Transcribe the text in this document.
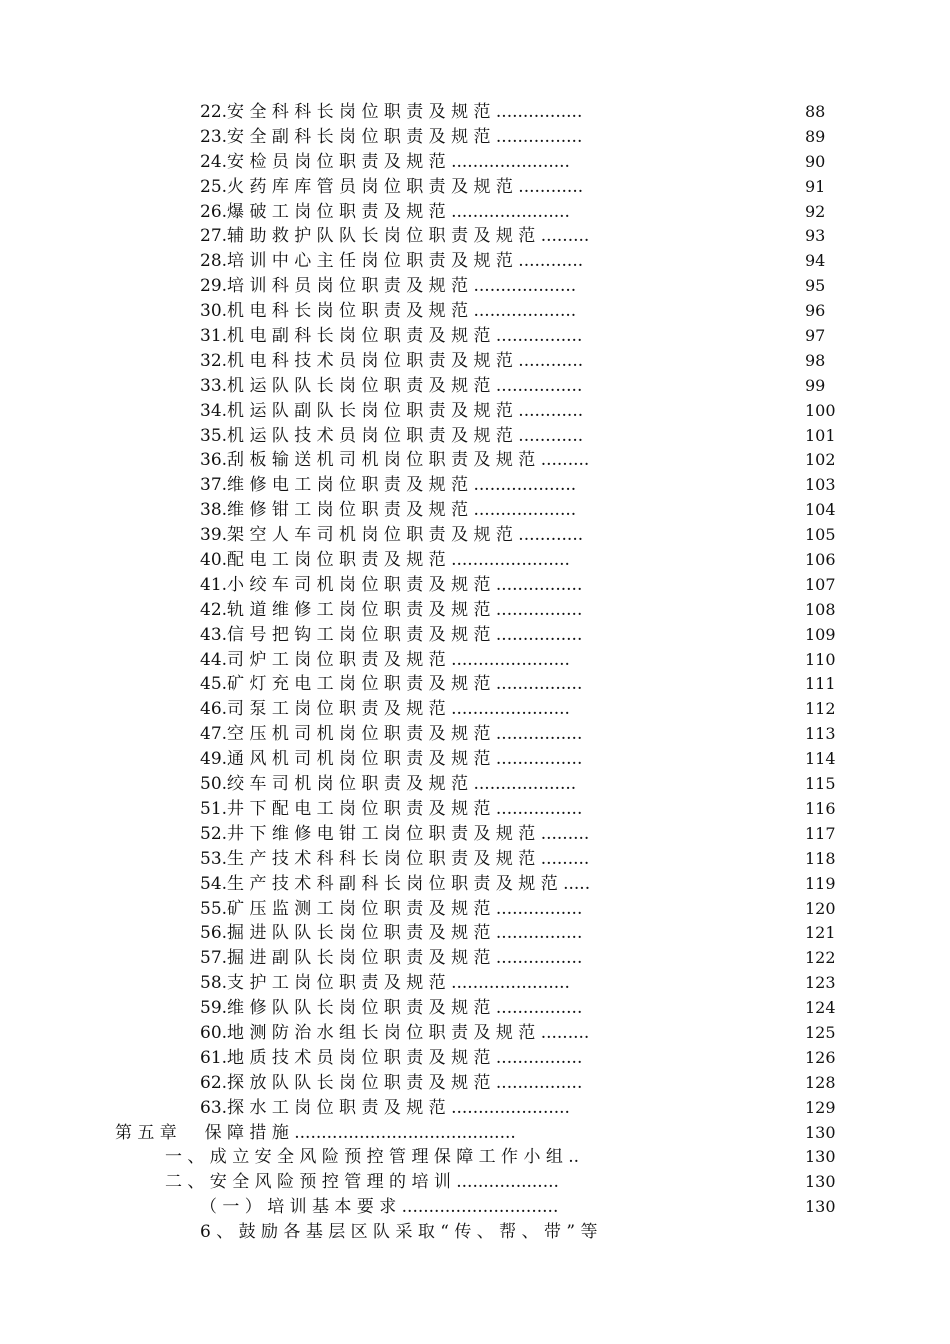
22.安 全 科 科 长 岗 位 职 责 及 规 范 ................	88
23.安 全 副 科 长 岗 位 职 责 及 规 范 ................	89
24.安 检 员 岗 位 职 责 及 规 范 ......................	90
25.火 药 库 库 管 员 岗 位 职 责 及 规 范 ............	91
26.爆 破 工 岗 位 职 责 及 规 范 ......................	92
27.辅 助 救 护 队 队 长 岗 位 职 责 及 规 范 .........	93
28.培 训 中 心 主 任 岗 位 职 责 及 规 范 ............	94
29.培 训 科 员 岗 位 职 责 及 规 范 ...................	95
30.机 电 科 长 岗 位 职 责 及 规 范 ...................	96
31.机 电 副 科 长 岗 位 职 责 及 规 范 ................	97
32.机 电 科 技 术 员 岗 位 职 责 及 规 范 ............	98
33.机 运 队 队 长 岗 位 职 责 及 规 范 ................	99
34.机 运 队 副 队 长 岗 位 职 责 及 规 范 ............	100
35.机 运 队 技 术 员 岗 位 职 责 及 规 范 ............	101
36.刮 板 输 送 机 司 机 岗 位 职 责 及 规 范 .........	102
37.维 修 电 工 岗 位 职 责 及 规 范 ...................	103
38.维 修 钳 工 岗 位 职 责 及 规 范 ...................	104
39.架 空 人 车 司 机 岗 位 职 责 及 规 范 ............	105
40.配 电 工 岗 位 职 责 及 规 范 ......................	106
41.小 绞 车 司 机 岗 位 职 责 及 规 范 ................	107
42.轨 道 维 修 工 岗 位 职 责 及 规 范 ................	108
43.信 号 把 钩 工 岗 位 职 责 及 规 范 ................	109
44.司 炉 工 岗 位 职 责 及 规 范 ......................	110
45.矿 灯 充 电 工 岗 位 职 责 及 规 范 ................	111
46.司 泵 工 岗 位 职 责 及 规 范 ......................	112
47.空 压 机 司 机 岗 位 职 责 及 规 范 ................	113
49.通 风 机 司 机 岗 位 职 责 及 规 范 ................	114
50.绞 车 司 机 岗 位 职 责 及 规 范 ...................	115
51.井 下 配 电 工 岗 位 职 责 及 规 范 ................	116
52.井 下 维 修 电 钳 工 岗 位 职 责 及 规 范 .........	117
53.生 产 技 术 科 科 长 岗 位 职 责 及 规 范 .........	118
54.生 产 技 术 科 副 科 长 岗 位 职 责 及 规 范 .....	119
55.矿 压 监 测 工 岗 位 职 责 及 规 范 ................	120
56.掘 进 队 队 长 岗 位 职 责 及 规 范 ................	121
57.掘 进 副 队 长 岗 位 职 责 及 规 范 ................	122
58.支 护 工 岗 位 职 责 及 规 范 ......................	123
59.维 修 队 队 长 岗 位 职 责 及 规 范 ................	124
60.地 测 防 治 水 组 长 岗 位 职 责 及 规 范 .........	125
61.地 质 技 术 员 岗 位 职 责 及 规 范 ................	126
62.探 放 队 队 长 岗 位 职 责 及 规 范 ................	128
63.探 水 工 岗 位 职 责 及 规 范 ......................	129
第 五 章 　 保 障 措 施 .........................................	130
一 、 成 立 安 全 风 险 预 控 管 理 保 障 工 作 小 组 ..	130
二 、 安 全 风 险 预 控 管 理 的 培 训 ...................	130
（ 一 ） 培 训 基 本 要 求 .............................	130
6 、 鼓 励 各 基 层 区 队 采 取 “ 传 、 帮 、 带 ” 等
